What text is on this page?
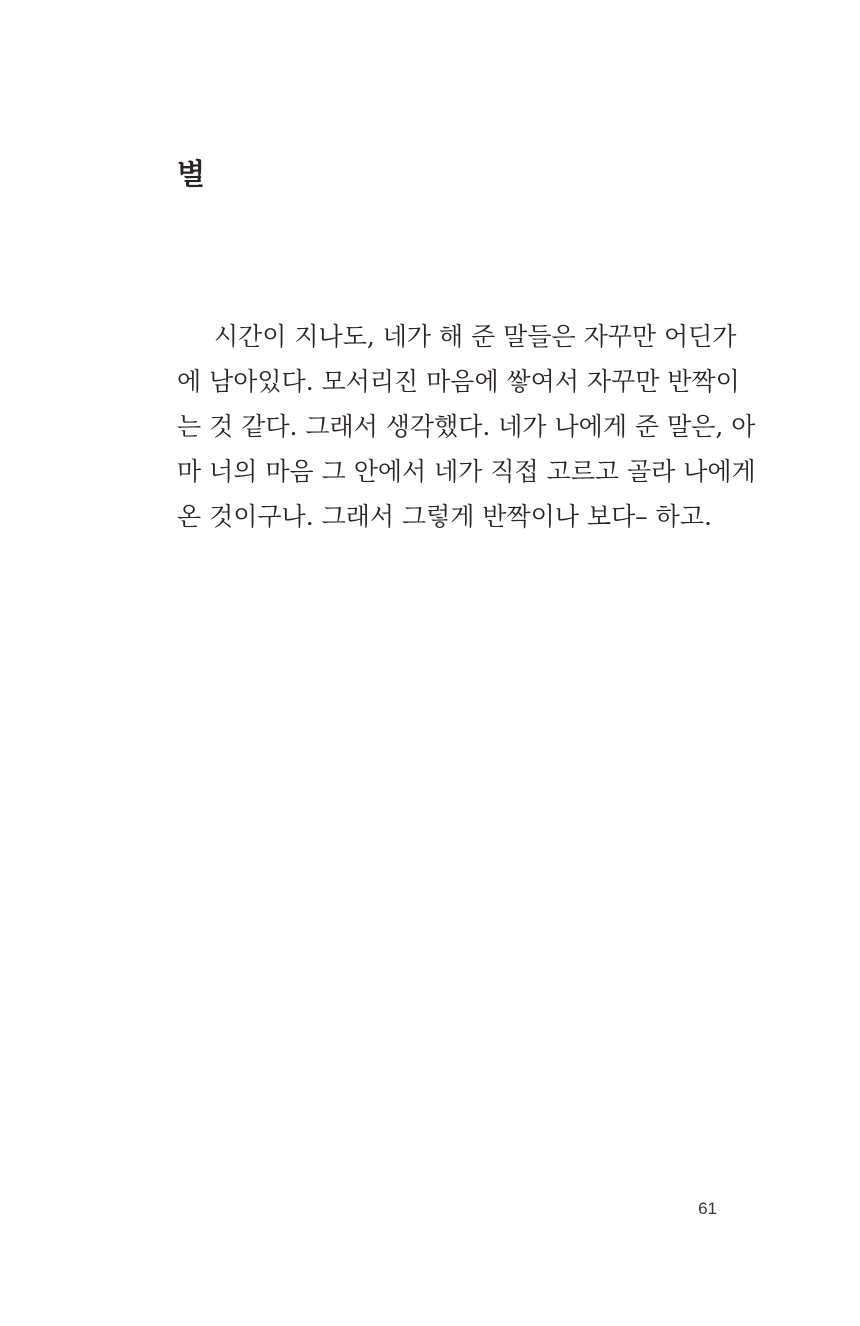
별
시간이 지나도, 네가 해 준 말들은 자꾸만 어딘가
에 남아있다. 모서리진 마음에 쌓여서 자꾸만 반짝이
는 것 같다. 그래서 생각했다. 네가 나에게 준 말은, 아
마 너의 마음 그 안에서 네가 직접 고르고 골라 나에게
온 것이구나. 그래서 그렇게 반짝이나 보다– 하고.
61
